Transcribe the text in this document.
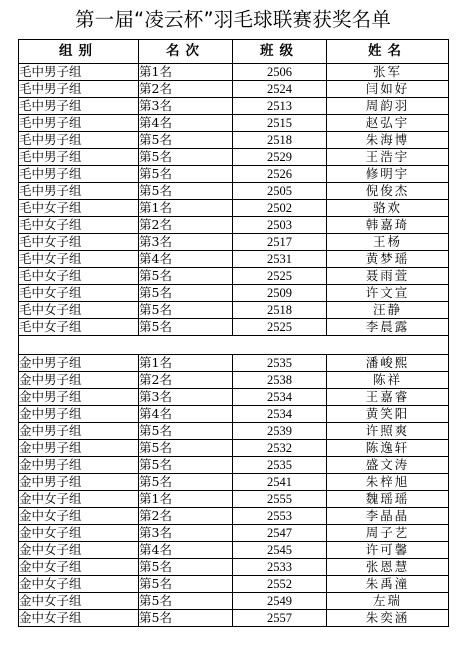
第一届“凌云杯”羽毛球联赛获奖名单
组别	名次	班级	姓名
毛中男子组	第1名	2506	张军
毛中男子组	第2名	2524	闫如好
毛中男子组	第3名	2513	周韵羽
毛中男子组	第4名	2515	赵弘宇
毛中男子组	第5名	2518	朱海博
毛中男子组	第5名	2529	王浩宇
毛中男子组	第5名	2526	修明宇
毛中男子组	第5名	2505	倪俊杰
毛中女子组	第1名	2502	骆欢
毛中女子组	第2名	2503	韩嘉琦
毛中女子组	第3名	2517	王杨
毛中女子组	第4名	2531	黄梦瑶
毛中女子组	第5名	2525	聂雨萱
毛中女子组	第5名	2509	许文宣
毛中女子组	第5名	2518	汪静
毛中女子组	第5名	2525	李晨露

金中男子组	第1名	2535	潘峻熙
金中男子组	第2名	2538	陈祥
金中男子组	第3名	2534	王嘉睿
金中男子组	第4名	2534	黄笑阳
金中男子组	第5名	2539	许照爽
金中男子组	第5名	2532	陈逸轩
金中男子组	第5名	2535	盛文涛
金中男子组	第5名	2541	朱梓旭
金中女子组	第1名	2555	魏瑶瑶
金中女子组	第2名	2553	李晶晶
金中女子组	第3名	2547	周子艺
金中女子组	第4名	2545	许可馨
金中女子组	第5名	2533	张恩慧
金中女子组	第5名	2552	朱禹潼
金中女子组	第5名	2549	左瑞
金中女子组	第5名	2557	朱奕涵
